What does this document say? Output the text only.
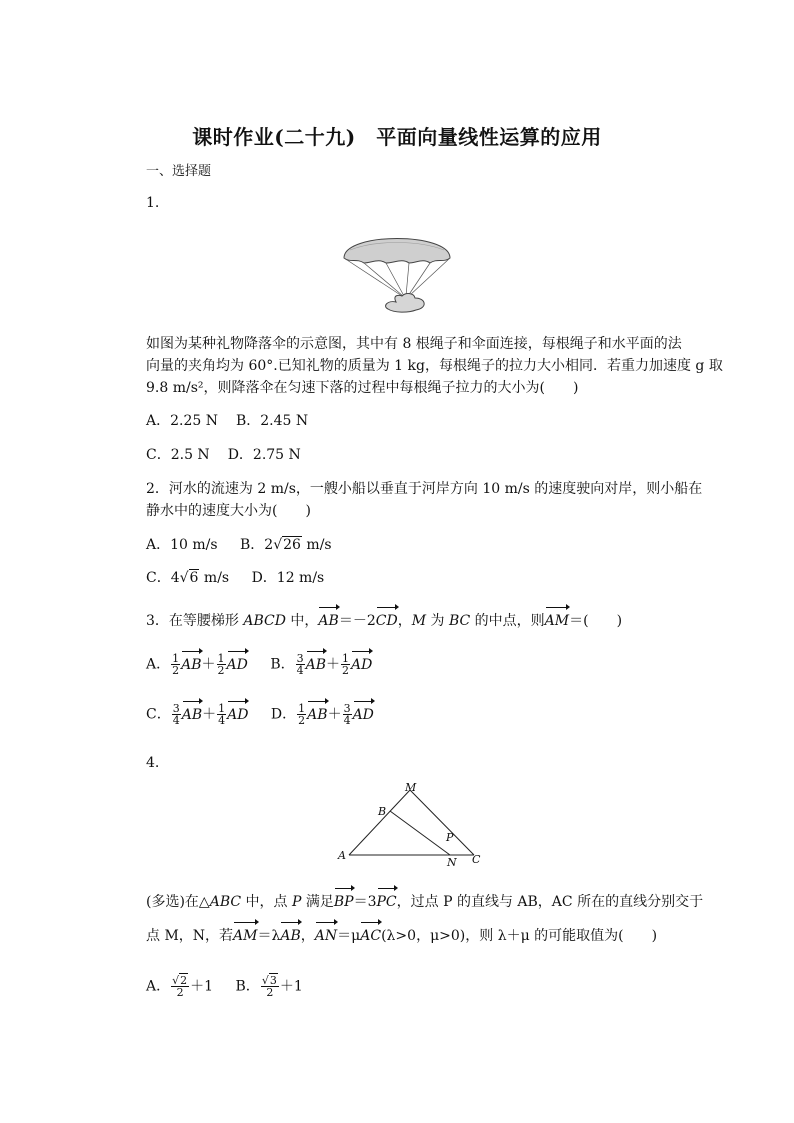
课时作业(二十九)　平面向量线性运算的应用
一、选择题
1.
如图为某种礼物降落伞的示意图，其中有 8 根绳子和伞面连接，每根绳子和水平面的法
向量的夹角均为 60°.已知礼物的质量为 1 kg，每根绳子的拉力大小相同．若重力加速度 g 取
9.8 m/s²，则降落伞在匀速下落的过程中每根绳子拉力的大小为(　　)
A．2.25 N B．2.45 N
C．2.5 N D．2.75 N
2．河水的流速为 2 m/s，一艘小船以垂直于河岸方向 10 m/s 的速度驶向对岸，则小船在
静水中的速度大小为(　　)
A．10 m/s B．2√26 m/s
C．4√6 m/s D．12 m/s
3．在等腰梯形 ABCD 中，AB＝－2CD，M 为 BC 的中点，则AM＝(　　)
A． $\frac{1}{2} AB+ \frac{1}{2}$ AD B． $\frac{3}{4} AB+ \frac{1}{2}$ AD
C． $\frac{3}{4} AB+ \frac{1}{4}$ AD D． $\frac{1}{2} AB+ \frac{3}{4}$ AD
4.
M
B
P
A
N C
(多选)在△ABC 中，点 P 满足BP＝3PC，过点 P 的直线与 AB，AC 所在的直线分别交于
点 M，N，若AM＝λAB，AN＝μAC(λ>0，μ>0)，则 λ＋μ 的可能取值为(　　)
A． $\frac{√2}{2} +1$ B． $\frac{√3}{2} +1$
